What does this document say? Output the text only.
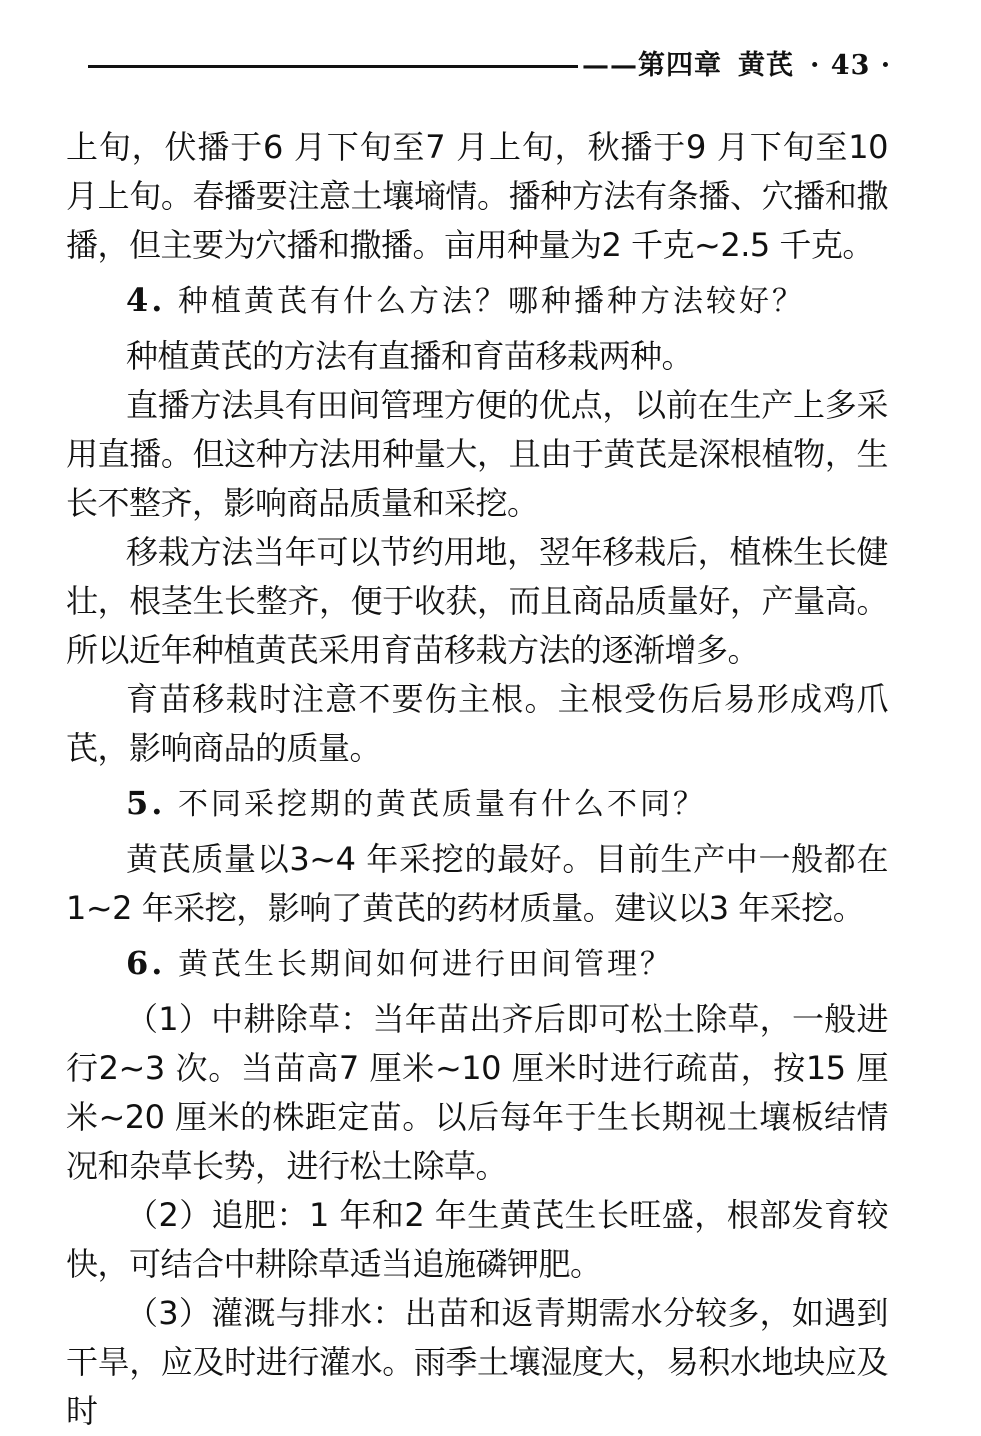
——第四章 黄芪 · 43 ·

上旬，伏播于6 月下旬至7 月上旬，秋播于9 月下旬至10 月上旬。春播要注意土壤墒情。播种方法有条播、穴播和撒播，但主要为穴播和撒播。亩用种量为2 千克~2.5 千克。

4. 种植黄芪有什么方法？哪种播种方法较好？

种植黄芪的方法有直播和育苗移栽两种。

直播方法具有田间管理方便的优点，以前在生产上多采用直播。但这种方法用种量大，且由于黄芪是深根植物，生长不整齐，影响商品质量和采挖。

移栽方法当年可以节约用地，翌年移栽后，植株生长健壮，根茎生长整齐，便于收获，而且商品质量好，产量高。所以近年种植黄芪采用育苗移栽方法的逐渐增多。

育苗移栽时注意不要伤主根。主根受伤后易形成鸡爪芪，影响商品的质量。

5. 不同采挖期的黄芪质量有什么不同？

黄芪质量以3~4 年采挖的最好。目前生产中一般都在1~2 年采挖，影响了黄芪的药材质量。建议以3 年采挖。

6. 黄芪生长期间如何进行田间管理？

（1）中耕除草：当年苗出齐后即可松土除草，一般进行2~3 次。当苗高7 厘米~10 厘米时进行疏苗，按15 厘米~20 厘米的株距定苗。以后每年于生长期视土壤板结情况和杂草长势，进行松土除草。

（2）追肥：1 年和2 年生黄芪生长旺盛，根部发育较快，可结合中耕除草适当追施磷钾肥。

（3）灌溉与排水：出苗和返青期需水分较多，如遇到干旱，应及时进行灌水。雨季土壤湿度大，易积水地块应及时
